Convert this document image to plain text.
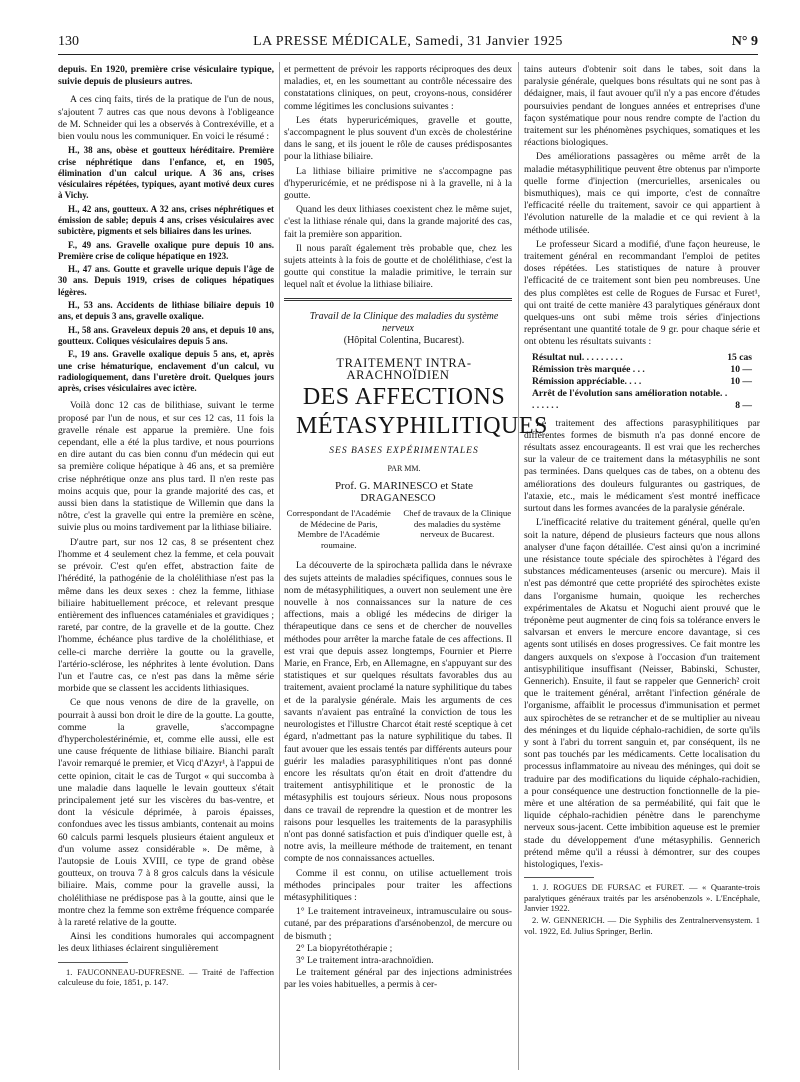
130	LA PRESSE MÉDICALE, Samedi, 31 Janvier 1925	N° 9

depuis. En 1920, première crise vésiculaire typique, suivie depuis de plusieurs autres.

A ces cinq faits, tirés de la pratique de l'un de nous, s'ajoutent 7 autres cas que nous devons à l'obligeance de M. Schneider qui les a observés à Contrexéville, et a bien voulu nous les communiquer. En voici le résumé :

H., 38 ans, obèse et goutteux héréditaire. Première crise néphrétique dans l'enfance, et, en 1905, élimination d'un calcul urique. A 36 ans, crises vésiculaires répétées, typiques, ayant motivé deux cures à Vichy.

H., 42 ans, goutteux. A 32 ans, crises néphrétiques et émission de sable; depuis 4 ans, crises vésiculaires avec subictère, pigments et sels biliaires dans les urines.

F., 49 ans. Gravelle oxalique pure depuis 10 ans. Première crise de colique hépatique en 1923.

H., 47 ans. Goutte et gravelle urique depuis l'âge de 30 ans. Depuis 1919, crises de coliques hépatiques légères.

H., 53 ans. Accidents de lithiase biliaire depuis 10 ans, et depuis 3 ans, gravelle oxalique.

H., 58 ans. Graveleux depuis 20 ans, et depuis 10 ans, goutteux. Coliques vésiculaires depuis 5 ans.

F., 19 ans. Gravelle oxalique depuis 5 ans, et, après une crise hématurique, enclavement d'un calcul, vu radiologiquement, dans l'uretère droit. Quelques jours après, crises vésiculaires avec ictère.

Voilà donc 12 cas de bilithiase, suivant le terme proposé par l'un de nous, et sur ces 12 cas, 11 fois la gravelle rénale est apparue la première. Une fois cependant, elle a été la plus tardive, et nous pourrions en dire autant du cas bien connu d'un médecin qui eut sa première colique hépatique à 46 ans, et sa première crise néphrétique onze ans plus tard. Il n'en reste pas moins acquis que, pour la grande majorité des cas, et aussi bien dans la statistique de Willemin que dans la nôtre, c'est la gravelle qui entre la première en scène, suivie plus ou moins tardivement par la lithiase biliaire.

D'autre part, sur nos 12 cas, 8 se présentent chez l'homme et 4 seulement chez la femme, et cela pouvait se prévoir. C'est qu'en effet, abstraction faite de l'hérédité, la pathogénie de la cholélithiase n'est pas la même dans les deux sexes : chez la femme, lithiase biliaire habituellement précoce, et relevant presque entièrement des influences cataméniales et gravidiques ; rareté, par contre, de la gravelle et de la goutte. Chez l'homme, échéance plus tardive de la cholélithiase, et celle-ci marche derrière la goutte ou la gravelle, l'artério-sclérose, les néphrites à lente évolution. Dans l'un et l'autre cas, ce n'est pas dans la même série morbide que se classent les accidents lithiasiques.

Ce que nous venons de dire de la gravelle, on pourrait à aussi bon droit le dire de la goutte. La goutte, comme la gravelle, s'accompagne d'hypercholestérinémie, et, comme elle aussi, elle est une cause fréquente de lithiase biliaire. Bianchi paraît l'avoir remarqué le premier, et Vicq d'Azyr¹, à l'appui de cette opinion, citait le cas de Turgot « qui succomba à une maladie dans laquelle le levain goutteux s'était principalement jeté sur les viscères du bas-ventre, et dont la vésicule déprimée, à parois épaisses, confondues avec les tissus ambiants, contenait au moins 60 calculs parmi lesquels plusieurs étaient anguleux et d'un volume assez considérable ». De même, à l'autopsie de Louis XVIII, ce type de grand obèse goutteux, on trouva 7 à 8 gros calculs dans la vésicule biliaire. Mais, comme pour la gravelle aussi, la cholélithiase ne prédispose pas à la goutte, ainsi que le montre chez la femme son extrême fréquence comparée à la rareté relative de la goutte.

Ainsi les conditions humorales qui accompagnent les deux lithiases éclairent singulièrement

1. FAUCONNEAU-DUFRESNE. — Traité de l'affection calculeuse du foie, 1851, p. 147.

et permettent de prévoir les rapports réciproques des deux maladies, et, en les soumettant au contrôle nécessaire des constatations cliniques, on peut, croyons-nous, considérer comme légitimes les conclusions suivantes :

Les états hyperuricémiques, gravelle et goutte, s'accompagnent le plus souvent d'un excès de cholestérine dans le sang, et ils jouent le rôle de causes prédisposantes pour la lithiase biliaire.

La lithiase biliaire primitive ne s'accompagne pas d'hyperuricémie, et ne prédispose ni à la gravelle, ni à la goutte.

Quand les deux lithiases coexistent chez le même sujet, c'est la lithiase rénale qui, dans la grande majorité des cas, fait la première son apparition.

Il nous paraît également très probable que, chez les sujets atteints à la fois de goutte et de cholélithiase, c'est la goutte qui constitue la maladie primitive, le terrain sur lequel naît et évolue la lithiase biliaire.

Travail de la Clinique des maladies du système nerveux

(Hôpital Colentina, Bucarest).

TRAITEMENT INTRA-ARACHNOÏDIEN

DES AFFECTIONS

MÉTASYPHILITIQUES

SES BASES EXPÉRIMENTALES

PAR MM.

Prof. G. MARINESCO et State DRAGANESCO

Correspondant de l'Académie de Médecine de Paris, Membre de l'Académie roumaine.
Chef de travaux de la Clinique des maladies du système nerveux de Bucarest.

La découverte de la spirochæta pallida dans le névraxe des sujets atteints de maladies spécifiques, connues sous le nom de métasyphilitiques, a ouvert non seulement une ère nouvelle à nos connaissances sur la nature de ces affections, mais a obligé les médecins de diriger la thérapeutique dans ce sens et de chercher de nouvelles méthodes pour arrêter la marche fatale de ces affections. Il est vrai que depuis assez longtemps, Fournier et Pierre Marie, en France, Erb, en Allemagne, en s'appuyant sur des statistiques et sur quelques résultats favorables dus au traitement, avaient proclamé la nature syphilitique du tabes et de la paralysie générale. Mais les arguments de ces savants n'avaient pas entraîné la conviction de tous les neurologistes et l'illustre Charcot était resté sceptique à cet égard, n'admettant pas la nature syphilitique du tabes. Il faut avouer que les essais tentés par différents auteurs pour guérir les maladies parasyphilitiques n'ont pas donné encore les résultats qu'on était en droit d'attendre du traitement antisyphilitique et le pronostic de la métasyphilis est toujours sérieux. Nous nous proposons dans ce travail de reprendre la question et de montrer les raisons pour lesquelles les traitements de la parasyphilis n'ont pas donné satisfaction et puis d'indiquer quelle est, à notre avis, la meilleure méthode de traitement, en tenant compte de nos connaissances actuelles.

Comme il est connu, on utilise actuellement trois méthodes principales pour traiter les affections métasyphilitiques :

1° Le traitement intraveineux, intramusculaire ou sous-cutané, par des préparations d'arsénobenzol, de mercure ou de bismuth ;

2° La biopyrétothérapie ;

3° Le traitement intra-arachnoïdien.

Le traitement général par des injections administrées par les voies habituelles, a permis à cer-

tains auteurs d'obtenir soit dans le tabes, soit dans la paralysie générale, quelques bons résultats qui ne sont pas à dédaigner, mais, il faut avouer qu'il n'y a pas encore d'études poursuivies pendant de longues années et entreprises d'une façon systématique pour nous rendre compte de l'action du traitement sur les phénomènes psychiques, somatiques et les réactions biologiques.

Des améliorations passagères ou même arrêt de la maladie métasyphilitique peuvent être obtenus par n'importe quelle forme d'injection (mercurielles, arsenicales ou bismuthiques), mais ce qui importe, c'est de connaître l'efficacité réelle du traitement, savoir ce qui appartient à l'évolution naturelle de la maladie et ce qui revient à la méthode utilisée.

Le professeur Sicard a modifié, d'une façon heureuse, le traitement général en recommandant l'emploi de petites doses répétées. Les statistiques de nature à prouver l'efficacité de ce traitement sont bien peu nombreuses. Une des plus complètes est celle de Rogues de Fursac et Furet¹, qui ont traité de cette manière 43 paralytiques généraux dont quelques-uns ont subi même trois séries d'injections représentant une quantité totale de 9 gr. pour chaque série et ont obtenu les résultats suivants :

Résultat nul. . . . . . . . .	15 cas
Rémission très marquée . . .	10 —
Rémission appréciable. . . .	10 —
Arrêt de l'évolution sans amélioration notable. . . . . . . .	8 —

Le traitement des affections parasyphilitiques par différentes formes de bismuth n'a pas donné encore de résultats assez encourageants. Il est vrai que les recherches sur la valeur de ce traitement dans la métasyphilis ne sont pas terminées. Dans quelques cas de tabes, on a obtenu des améliorations des douleurs fulgurantes ou gastriques, de l'ataxie, etc., mais le médicament s'est montré inefficace surtout dans les formes avancées de la paralysie générale.

L'inefficacité relative du traitement général, quelle qu'en soit la nature, dépend de plusieurs facteurs que nous allons analyser d'une façon détaillée. C'est ainsi qu'on a incriminé une résistance toute spéciale des spirochètes à l'égard des substances médicamenteuses (arsenic ou mercure). Mais il n'est pas démontré que cette propriété des spirochètes existe dans l'organisme humain, quoique les recherches expérimentales de Akatsu et Noguchi aient prouvé que le tréponème peut augmenter de cinq fois sa tolérance envers le salvarsan et envers le mercure encore davantage, si ces agents sont utilisés en doses progressives. Ce fait montre les dangers auxquels on s'expose à l'occasion d'un traitement antisyphilitique insuffisant (Neisser, Babinski, Schuster, Gennerich). Ensuite, il faut se rappeler que Gennerich² croit que le traitement général, arrêtant l'infection générale de l'organisme, affaiblit le processus d'immunisation et permet aux spirochètes de se retrancher et de se multiplier au niveau des méninges et du liquide céphalo-rachidien, de sorte qu'ils y sont à l'abri du torrent sanguin et, par conséquent, ils ne sont pas touchés par les médicaments. Cette localisation du processus inflammatoire au niveau des méninges, qui doit se traduire par des modifications du liquide céphalo-rachidien, a pour conséquence une destruction fonctionnelle de la pie-mère et une altération de sa perméabilité, qui fait que le liquide céphalo-rachidien pénètre dans le parenchyme nerveux sous-jacent. Cette imbibition aqueuse est le premier stade du développement d'une métasyphilis. Gennerich prétend même qu'il a réussi à démontrer, sur des coupes histologiques, l'exis-

1. J. ROGUES DE FURSAC et FURET. — « Quarante-trois paralytiques généraux traités par les arsénobenzols ». L'Encéphale, Janvier 1922.

2. W. GENNERICH. — Die Syphilis des Zentralnervensystem. 1 vol. 1922, Ed. Julius Springer, Berlin.
